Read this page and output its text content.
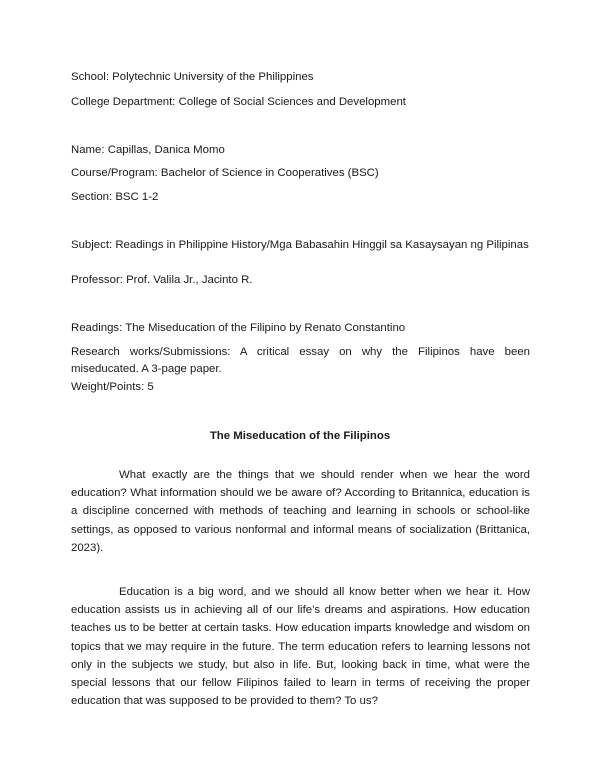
School: Polytechnic University of the Philippines
College Department: College of Social Sciences and Development
Name: Capillas, Danica Momo
Course/Program: Bachelor of Science in Cooperatives (BSC)
Section: BSC 1-2
Subject: Readings in Philippine History/Mga Babasahin Hinggil sa Kasaysayan ng Pilipinas
Professor: Prof. Valila Jr., Jacinto R.
Readings: The Miseducation of the Filipino by Renato Constantino
Research works/Submissions: A critical essay on why the Filipinos have been miseducated. A 3-page paper.
Weight/Points: 5
The Miseducation of the Filipinos

What exactly are the things that we should render when we hear the word education? What information should we be aware of? According to Britannica, education is a discipline concerned with methods of teaching and learning in schools or school-like settings, as opposed to various nonformal and informal means of socialization (Brittanica, 2023).

Education is a big word, and we should all know better when we hear it. How education assists us in achieving all of our life’s dreams and aspirations. How education teaches us to be better at certain tasks. How education imparts knowledge and wisdom on topics that we may require in the future. The term education refers to learning lessons not only in the subjects we study, but also in life. But, looking back in time, what were the special lessons that our fellow Filipinos failed to learn in terms of receiving the proper education that was supposed to be provided to them? To us?
